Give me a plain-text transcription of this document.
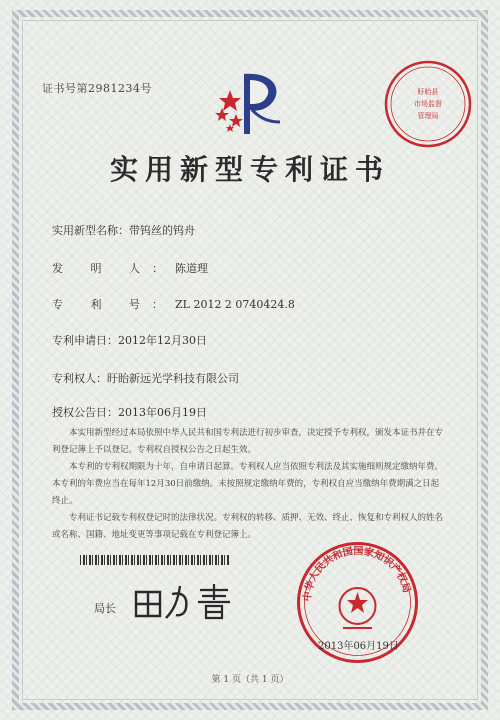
证书号第2981234号	盱眙县
市场监督
管理局
实用新型专利证书
实用新型名称：带钨丝的钨舟
发 明 人：陈道理
专 利 号：ZL 2012 2 0740424.8
专利申请日：2012年12月30日
专利权人：盱眙新远光学科技有限公司
授权公告日：2013年06月19日

本实用新型经过本局依照中华人民共和国专利法进行初步审查，决定授予专利权，颁发本证书并在专利登记簿上予以登记。专利权自授权公告之日起生效。

本专利的专利权期限为十年，自申请日起算。专利权人应当依照专利法及其实施细则规定缴纳年费。本专利的年费应当在每年12月30日前缴纳。未按照规定缴纳年费的，专利权自应当缴纳年费期满之日起终止。

专利证书记载专利权登记时的法律状况。专利权的转移、质押、无效、终止、恢复和专利权人的姓名或名称、国籍、地址变更等事项记载在专利登记簿上。

局长
中华人民共和国国家知识产权局
2013年06月19日
第 1 页（共 1 页）
